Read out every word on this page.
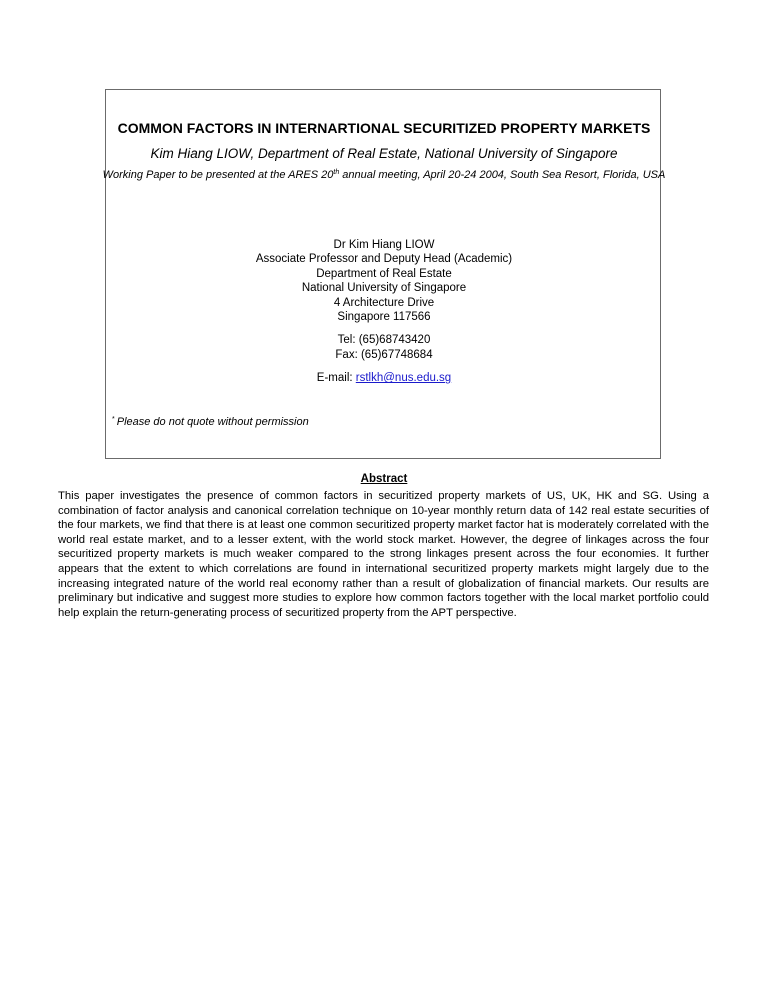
COMMON FACTORS IN INTERNARTIONAL SECURITIZED PROPERTY MARKETS
Kim Hiang LIOW, Department of Real Estate, National University of Singapore
Working Paper to be presented at the ARES 20th annual meeting, April 20-24 2004, South Sea Resort, Florida, USA
Dr Kim Hiang LIOW
Associate Professor and Deputy Head (Academic)
Department of Real Estate
National University of Singapore
4 Architecture Drive
Singapore 117566
Tel: (65)68743420
Fax: (65)67748684
E-mail: rstlkh@nus.edu.sg
* Please do not quote without permission
Abstract
This paper investigates the presence of common factors in securitized property markets of US, UK, HK and SG. Using a combination of factor analysis and canonical correlation technique on 10-year monthly return data of 142 real estate securities of the four markets, we find that there is at least one common securitized property market factor hat is moderately correlated with the world real estate market, and to a lesser extent, with the world stock market. However, the degree of linkages across the four securitized property markets is much weaker compared to the strong linkages present across the four economies. It further appears that the extent to which correlations are found in international securitized property markets might largely due to the increasing integrated nature of the world real economy rather than a result of globalization of financial markets. Our results are preliminary but indicative and suggest more studies to explore how common factors together with the local market portfolio could help explain the return-generating process of securitized property from the APT perspective.
